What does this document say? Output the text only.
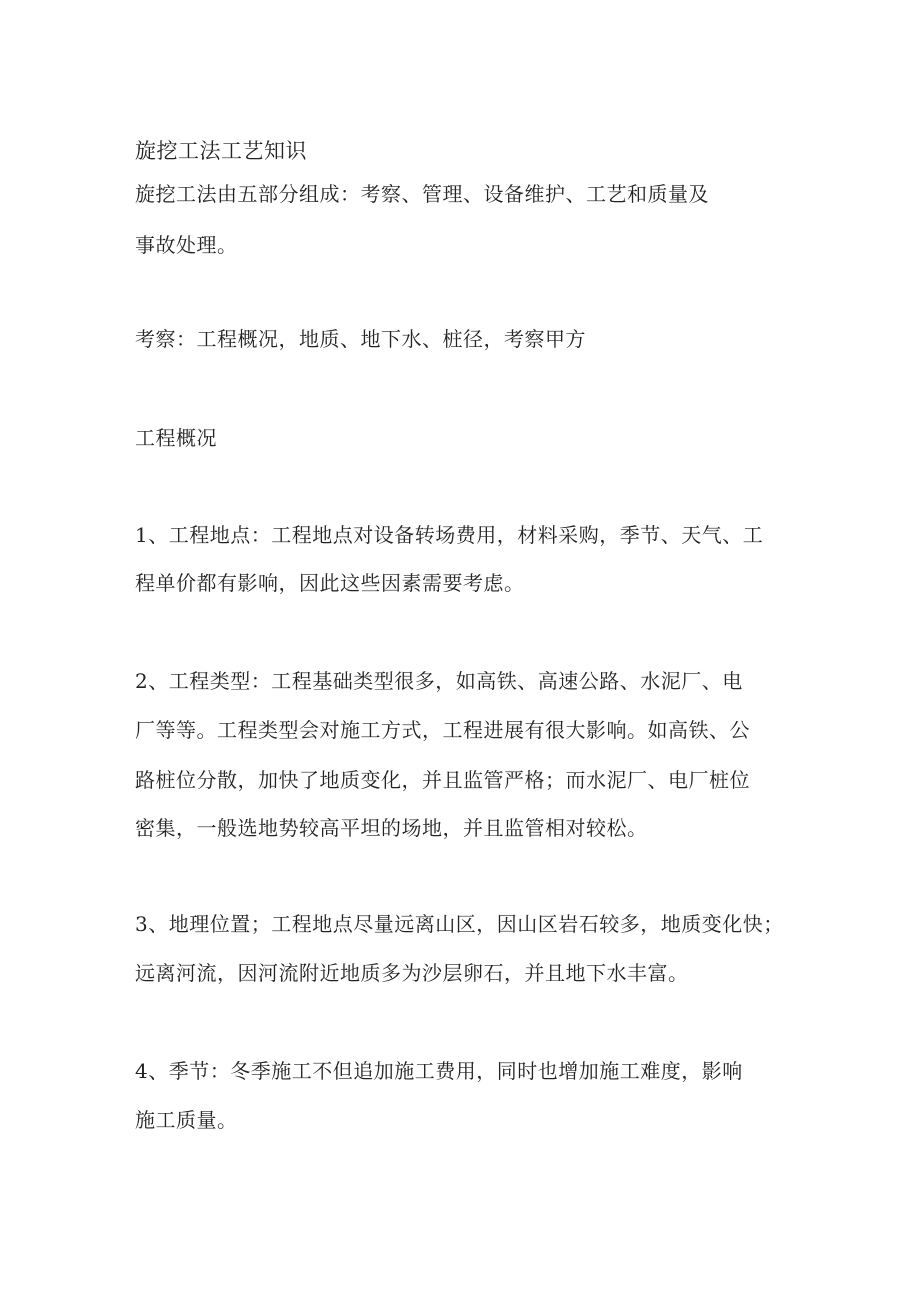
旋挖工法工艺知识
旋挖工法由五部分组成：考察、管理、设备维护、工艺和质量及
事故处理。
考察：工程概况，地质、地下水、桩径，考察甲方
工程概况
1、工程地点：工程地点对设备转场费用，材料采购，季节、天气、工
程单价都有影响，因此这些因素需要考虑。
2、工程类型：工程基础类型很多，如高铁、高速公路、水泥厂、电
厂等等。工程类型会对施工方式，工程进展有很大影响。如高铁、公
路桩位分散，加快了地质变化，并且监管严格；而水泥厂、电厂桩位
密集，一般选地势较高平坦的场地，并且监管相对较松。
3、地理位置；工程地点尽量远离山区，因山区岩石较多，地质变化快；
远离河流，因河流附近地质多为沙层卵石，并且地下水丰富。
4、季节：冬季施工不但追加施工费用，同时也增加施工难度，影响
施工质量。
